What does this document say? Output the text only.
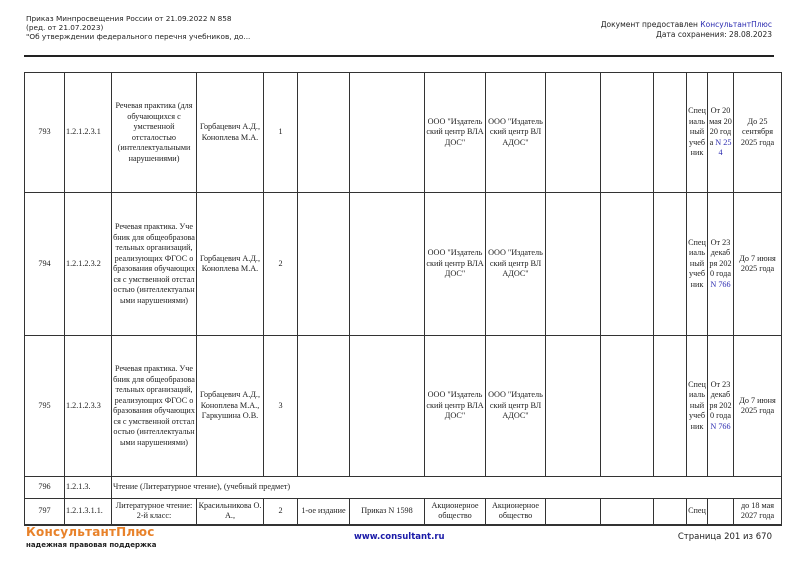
Приказ Минпросвещения России от 21.09.2022 N 858
(ред. от 21.07.2023)
"Об утверждении федерального перечня учебников, до...
Документ предоставлен КонсультантПлюс
Дата сохранения: 28.08.2023
793	1.2.1.2.3.1	Речевая практика (для обучающихся с умственной отсталостью (интеллектуальными нарушениями)	Горбацевич А.Д., Коноплева М.А.	1			ООО "Издательский центр ВЛАДОС"	ООО "Издательский центр ВЛАДОС"				Специальный учебник	От 20 мая 2020 года N 254	До 25 сентября 2025 года
794	1.2.1.2.3.2	Речевая практика. Учебник для общеобразовательных организаций, реализующих ФГОС образования обучающихся с умственной отсталостью (интеллектуальными нарушениями)	Горбацевич А.Д., Коноплева М.А.	2			ООО "Издательский центр ВЛАДОС"	ООО "Издательский центр ВЛАДОС"				Специальный учебник	От 23 декабря 2020 года N 766	До 7 июня 2025 года
795	1.2.1.2.3.3	Речевая практика. Учебник для общеобразовательных организаций, реализующих ФГОС образования обучающихся с умственной отсталостью (интеллектуальными нарушениями)	Горбацевич А.Д., Коноплева М.А., Гаркушина О.В.	3			ООО "Издательский центр ВЛАДОС"	ООО "Издательский центр ВЛАДОС"				Специальный учебник	От 23 декабря 2020 года N 766	До 7 июня 2025 года
796	1.2.1.3.	Чтение (Литературное чтение), (учебный предмет)												
797	1.2.1.3.1.1.	Литературное чтение: 2-й класс:	Красильникова О.А.,	2	1-ое издание	Приказ N 1598	Акционерное общество	Акционерное общество				Спец		до 18 мая 2027 года
КонсультантПлюс
надежная правовая поддержка
www.consultant.ru	Страница 201 из 670
